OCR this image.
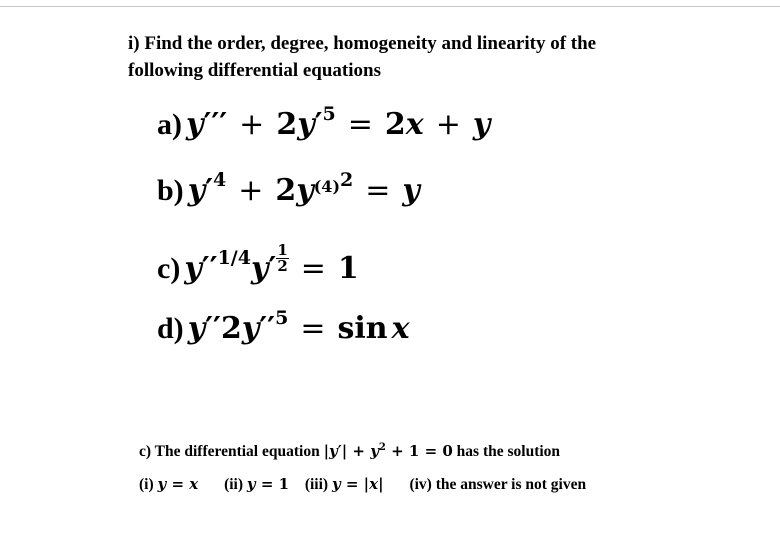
i) Find the order, degree, homogeneity and linearity of the
following differential equations
a) y′′′ + 2y′5 = 2x + y
b) y′4 + 2y(4)2 = y
c) $y''1/4y' \frac{1}{2} = 1$
d) y′′2y′′5 = sin x
c) The differential equation $|y'| + y^2 + 1 = 0$ has the solution
(i) y = x (ii) y = 1 (iii) y = |x| (iv) the answer is not given
